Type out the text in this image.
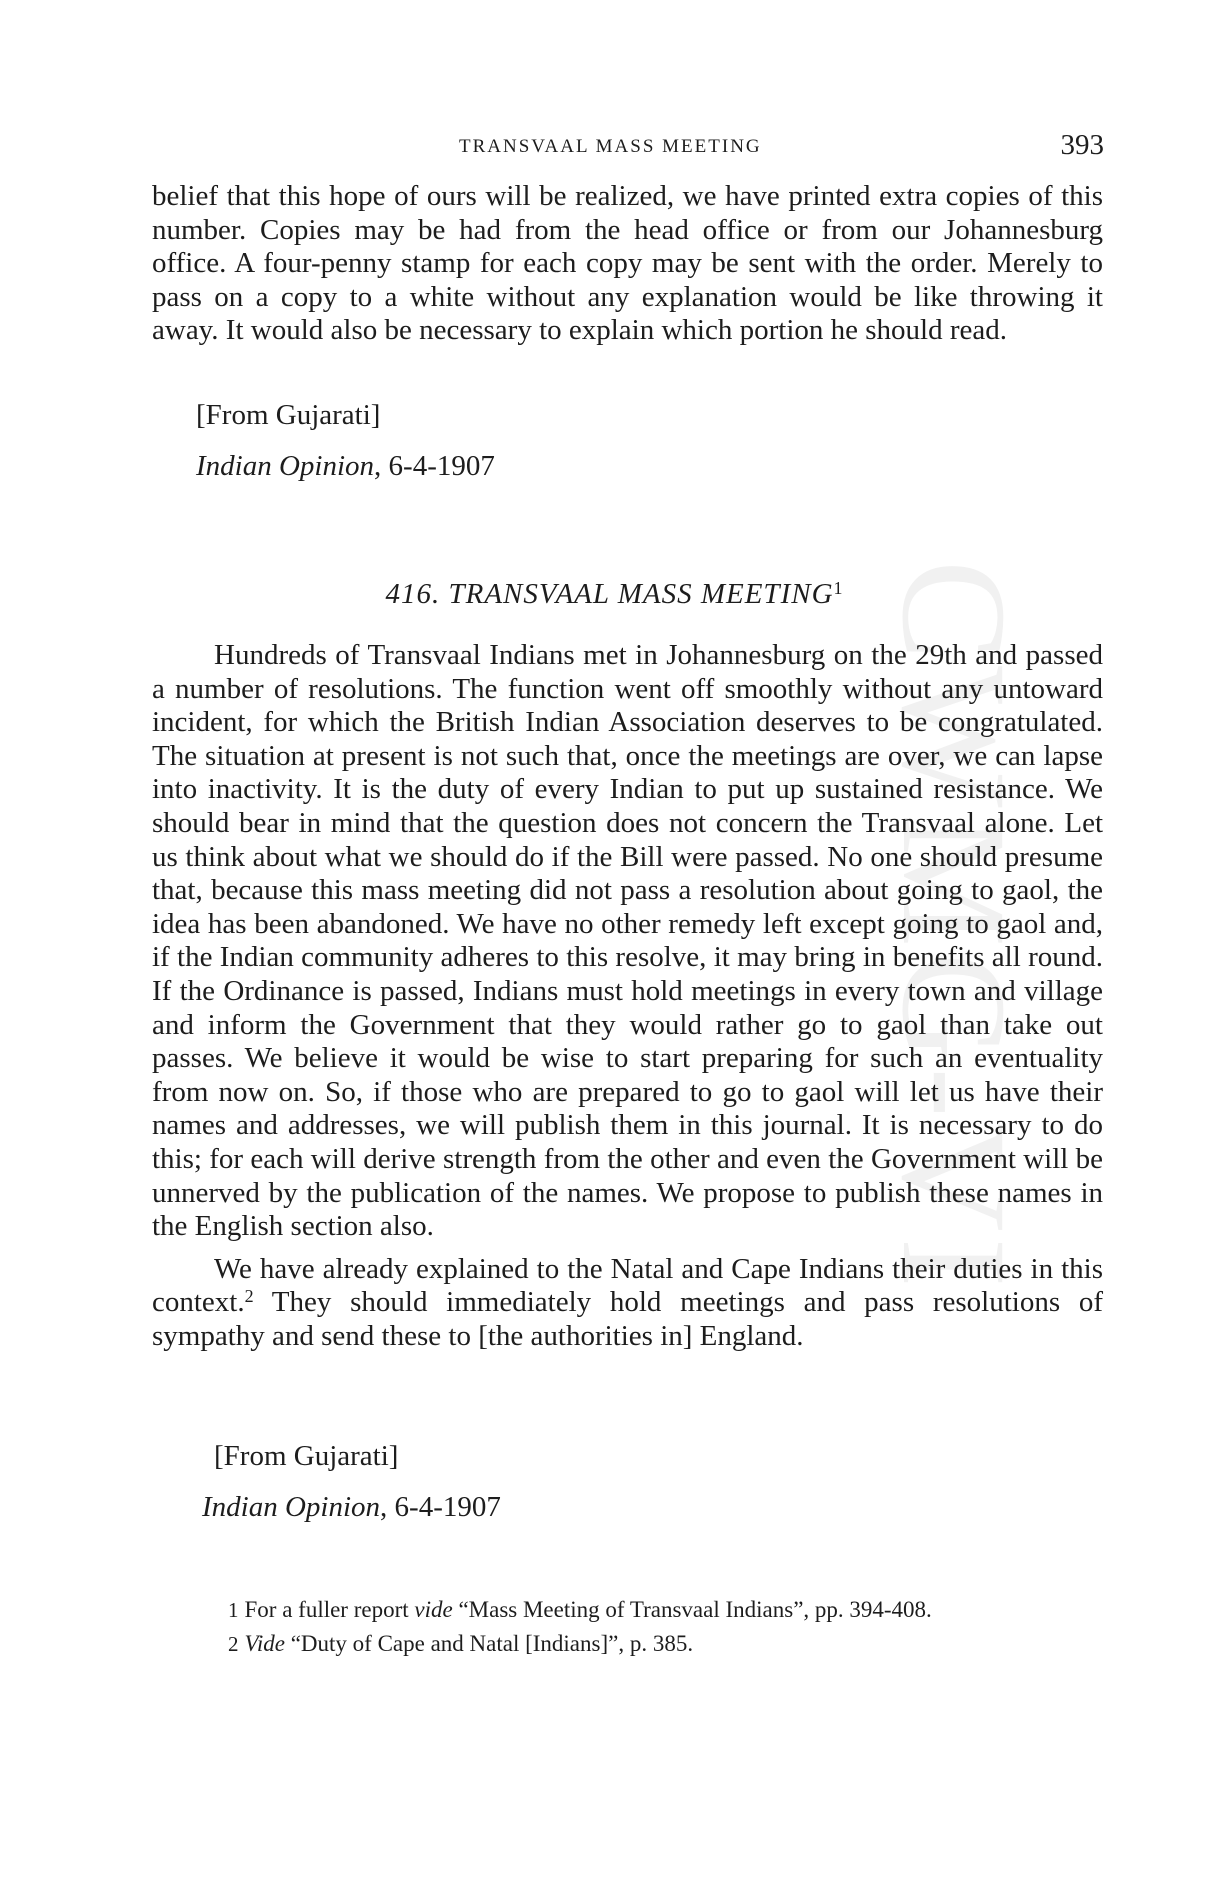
CWMG-VI
TRANSVAAL MASS MEETING	393

belief that this hope of ours will be realized, we have printed extra copies of this number. Copies may be had from the head office or from our Johannesburg office. A four-penny stamp for each copy may be sent with the order. Merely to pass on a copy to a white without any explanation would be like throwing it away. It would also be necessary to explain which portion he should read.

[From Gujarati]
Indian Opinion, 6-4-1907
416. TRANSVAAL MASS MEETING$^1$

Hundreds of Transvaal Indians met in Johannesburg on the 29th and passed a number of resolutions. The function went off smoothly without any untoward incident, for which the British Indian Association deserves to be congratulated. The situation at present is not such that, once the meetings are over, we can lapse into inactivity. It is the duty of every Indian to put up sustained resistance. We should bear in mind that the question does not concern the Transvaal alone. Let us think about what we should do if the Bill were passed. No one should presume that, because this mass meeting did not pass a resolution about going to gaol, the idea has been abandoned. We have no other remedy left except going to gaol and, if the Indian community adheres to this resolve, it may bring in benefits all round. If the Ordinance is passed, Indians must hold meetings in every town and village and inform the Government that they would rather go to gaol than take out passes. We believe it would be wise to start preparing for such an eventuality from now on. So, if those who are prepared to go to gaol will let us have their names and addresses, we will publish them in this journal. It is necessary to do this; for each will derive strength from the other and even the Government will be unnerved by the publication of the names. We propose to publish these names in the English section also.

We have already explained to the Natal and Cape Indians their duties in this context.$^2$ They should immediately hold meetings and pass resolutions of sympathy and send these to [the authorities in] England.

[From Gujarati]
Indian Opinion, 6-4-1907
1 For a fuller report vide “Mass Meeting of Transvaal Indians”, pp. 394-408.
2 Vide “Duty of Cape and Natal [Indians]”, p. 385.
